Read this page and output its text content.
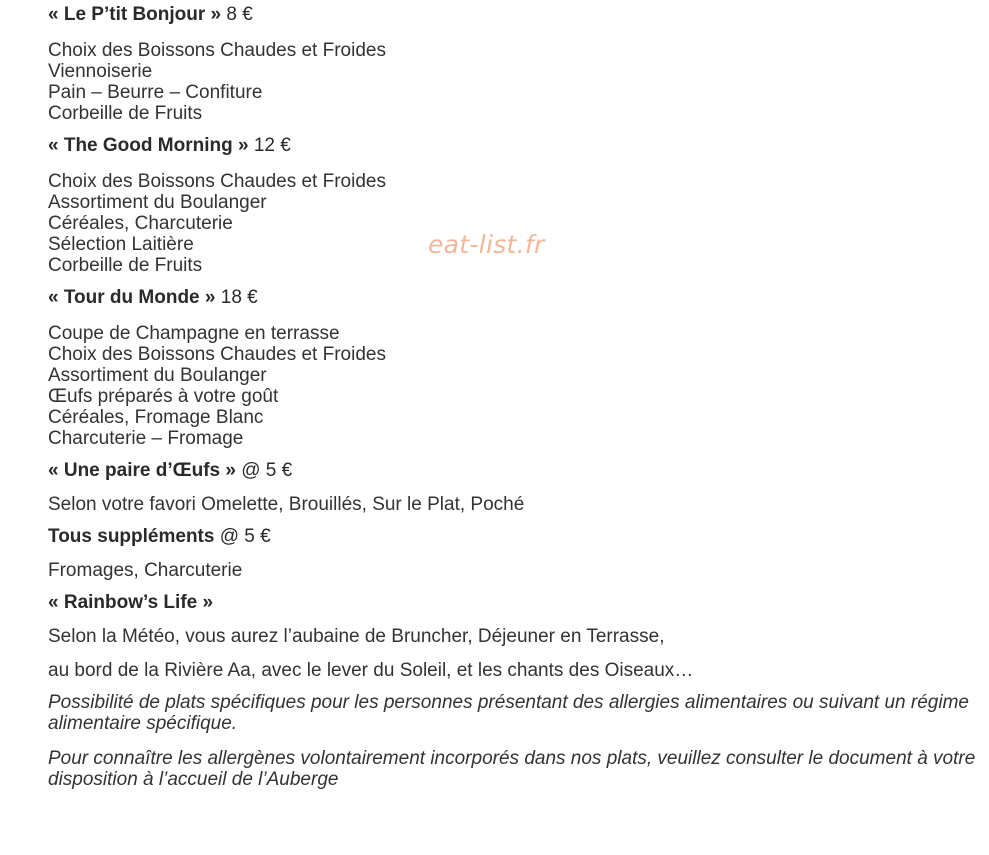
« Le P’tit Bonjour » 8 €
Choix des Boissons Chaudes et Froides
Viennoiserie
Pain – Beurre – Confiture
Corbeille de Fruits
« The Good Morning » 12 €
Choix des Boissons Chaudes et Froides
Assortiment du Boulanger
Céréales, Charcuterie
Sélection Laitière
Corbeille de Fruits
« Tour du Monde » 18 €
Coupe de Champagne en terrasse
Choix des Boissons Chaudes et Froides
Assortiment du Boulanger
Œufs préparés à votre goût
Céréales, Fromage Blanc
Charcuterie – Fromage
« Une paire d’Œufs » @ 5 €
Selon votre favori Omelette, Brouillés, Sur le Plat, Poché
Tous suppléments @ 5 €
Fromages, Charcuterie
« Rainbow’s Life »
Selon la Météo, vous aurez l’aubaine de Bruncher, Déjeuner en Terrasse,
au bord de la Rivière Aa, avec le lever du Soleil, et les chants des Oiseaux…
Possibilité de plats spécifiques pour les personnes présentant des allergies alimentaires ou suivant un régime alimentaire spécifique.
Pour connaître les allergènes volontairement incorporés dans nos plats, veuillez consulter le document à votre disposition à l’accueil de l’Auberge
eat-list.fr
